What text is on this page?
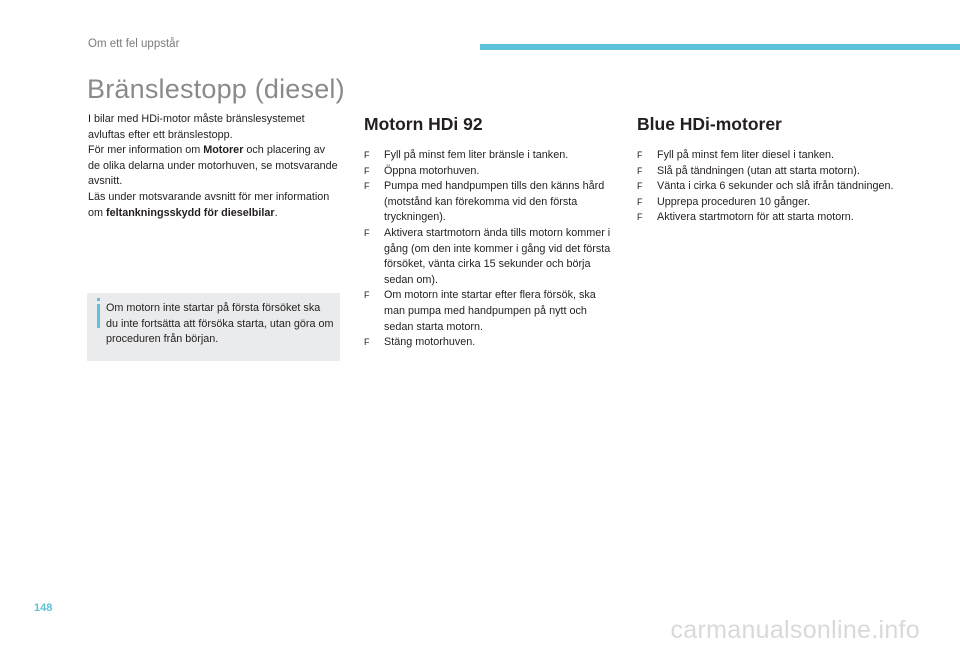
Om ett fel uppstår
Bränslestopp (diesel)

I bilar med HDi-motor måste bränslesystemet avluftas efter ett bränslestopp.

För mer information om Motorer och placering av de olika delarna under motorhuven, se motsvarande avsnitt.

Läs under motsvarande avsnitt för mer information om feltankningsskydd för dieselbilar.

Om motorn inte startar på första försöket ska du inte fortsätta att försöka starta, utan göra om proceduren från början.
Motorn HDi 92
F Fyll på minst fem liter bränsle i tanken.
F Öppna motorhuven.
F Pumpa med handpumpen tills den känns hård (motstånd kan förekomma vid den första tryckningen).
F Aktivera startmotorn ända tills motorn kommer i gång (om den inte kommer i gång vid det första försöket, vänta cirka 15 sekunder och börja sedan om).
F Om motorn inte startar efter flera försök, ska man pumpa med handpumpen på nytt och sedan starta motorn.
F Stäng motorhuven.
Blue HDi-motorer
F Fyll på minst fem liter diesel i tanken.
F Slå på tändningen (utan att starta motorn).
F Vänta i cirka 6 sekunder och slå ifrån tändningen.
F Upprepa proceduren 10 gånger.
F Aktivera startmotorn för att starta motorn.
148
carmanualsonline.info
